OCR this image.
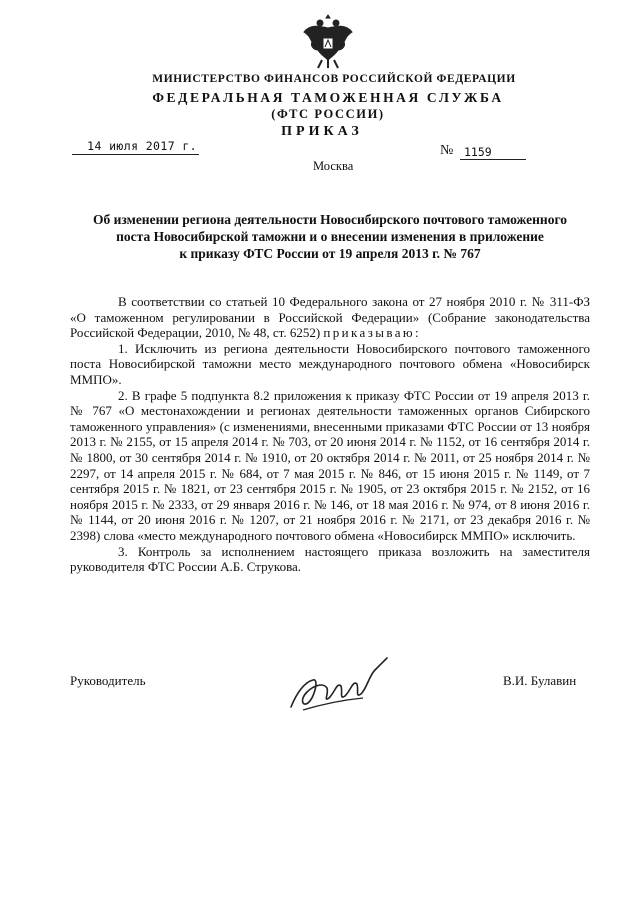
МИНИСТЕРСТВО ФИНАНСОВ РОССИЙСКОЙ ФЕДЕРАЦИИ
ФЕДЕРАЛЬНАЯ ТАМОЖЕННАЯ СЛУЖБА
(ФТС РОССИИ)
ПРИКАЗ
14 июля 2017 г.	№ 1159
Москва
Об изменении региона деятельности Новосибирского почтового таможенного
поста Новосибирской таможни и о внесении изменения в приложение
к приказу ФТС России от 19 апреля 2013 г. № 767

В соответствии со статьей 10 Федерального закона от 27 ноября 2010 г. № 311-ФЗ «О таможенном регулировании в Российской Федерации» (Собрание законодательства Российской Федерации, 2010, № 48, ст. 6252) приказываю:

1. Исключить из региона деятельности Новосибирского почтового таможенного поста Новосибирской таможни место международного почтового обмена «Новосибирск ММПО».

2. В графе 5 подпункта 8.2 приложения к приказу ФТС России от 19 апреля 2013 г. № 767 «О местонахождении и регионах деятельности таможенных органов Сибирского таможенного управления» (с изменениями, внесенными приказами ФТС России от 13 ноября 2013 г. № 2155, от 15 апреля 2014 г. № 703, от 20 июня 2014 г. № 1152, от 16 сентября 2014 г. № 1800, от 30 сентября 2014 г. № 1910, от 20 октября 2014 г. № 2011, от 25 ноября 2014 г. № 2297, от 14 апреля 2015 г. № 684, от 7 мая 2015 г. № 846, от 15 июня 2015 г. № 1149, от 7 сентября 2015 г. № 1821, от 23 сентября 2015 г. № 1905, от 23 октября 2015 г. № 2152, от 16 ноября 2015 г. № 2333, от 29 января 2016 г. № 146, от 18 мая 2016 г. № 974, от 8 июня 2016 г. № 1144, от 20 июня 2016 г. № 1207, от 21 ноября 2016 г. № 2171, от 23 декабря 2016 г. № 2398) слова «место международного почтового обмена «Новосибирск ММПО» исключить.

3. Контроль за исполнением настоящего приказа возложить на заместителя руководителя ФТС России А.Б. Струкова.

Руководитель	В.И. Булавин
